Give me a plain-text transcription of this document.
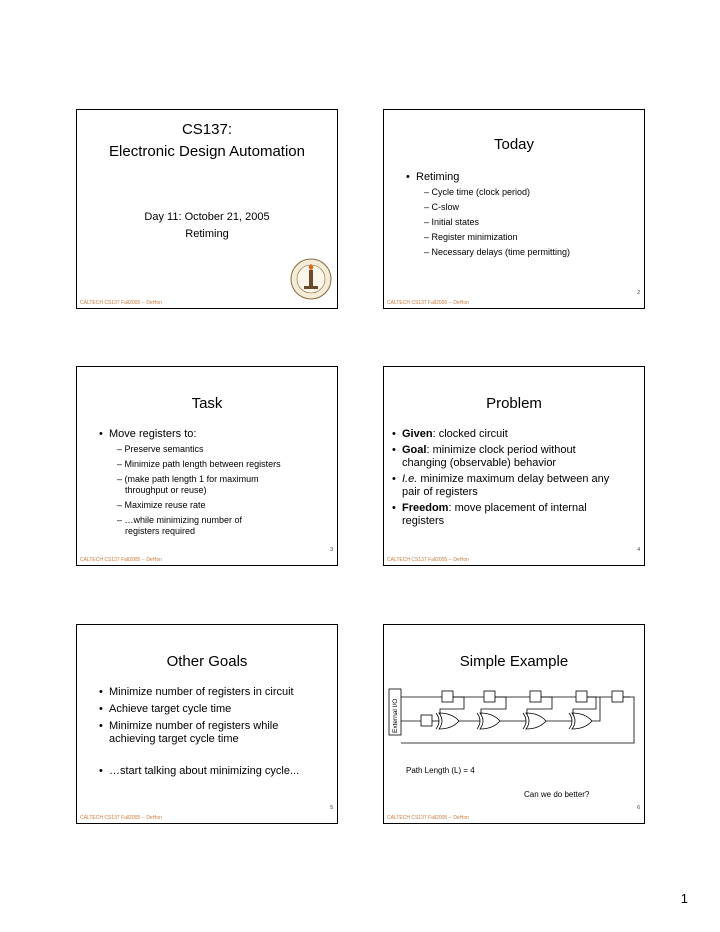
CS137:
Electronic Design Automation
Day 11: October 21, 2005
Retiming
CALTECH CS137 Fall2005 -- DeHon
Today
• Retiming
– Cycle time (clock period)
– C-slow
– Initial states
– Register minimization
– Necessary delays (time permitting)
2
CALTECH CS137 Fall2005 -- DeHon
Task
• Move registers to:
– Preserve semantics
– Minimize path length between registers
– (make path length 1 for maximum throughput or reuse)
– Maximize reuse rate
– …while minimizing number of registers required
3
CALTECH CS137 Fall2005 -- DeHon
Problem
• Given: clocked circuit
• Goal: minimize clock period without changing (observable) behavior
• I.e. minimize maximum delay between any pair of registers
• Freedom: move placement of internal registers
4
CALTECH CS137 Fall2005 -- DeHon
Other Goals
• Minimize number of registers in circuit
• Achieve target cycle time
• Minimize number of registers while achieving target cycle time
• …start talking about minimizing cycle...
5
CALTECH CS137 Fall2005 -- DeHon
Simple Example
External I/O
Path Length (L) = 4
Can we do better?
6
CALTECH CS137 Fall2005 -- DeHon
1
